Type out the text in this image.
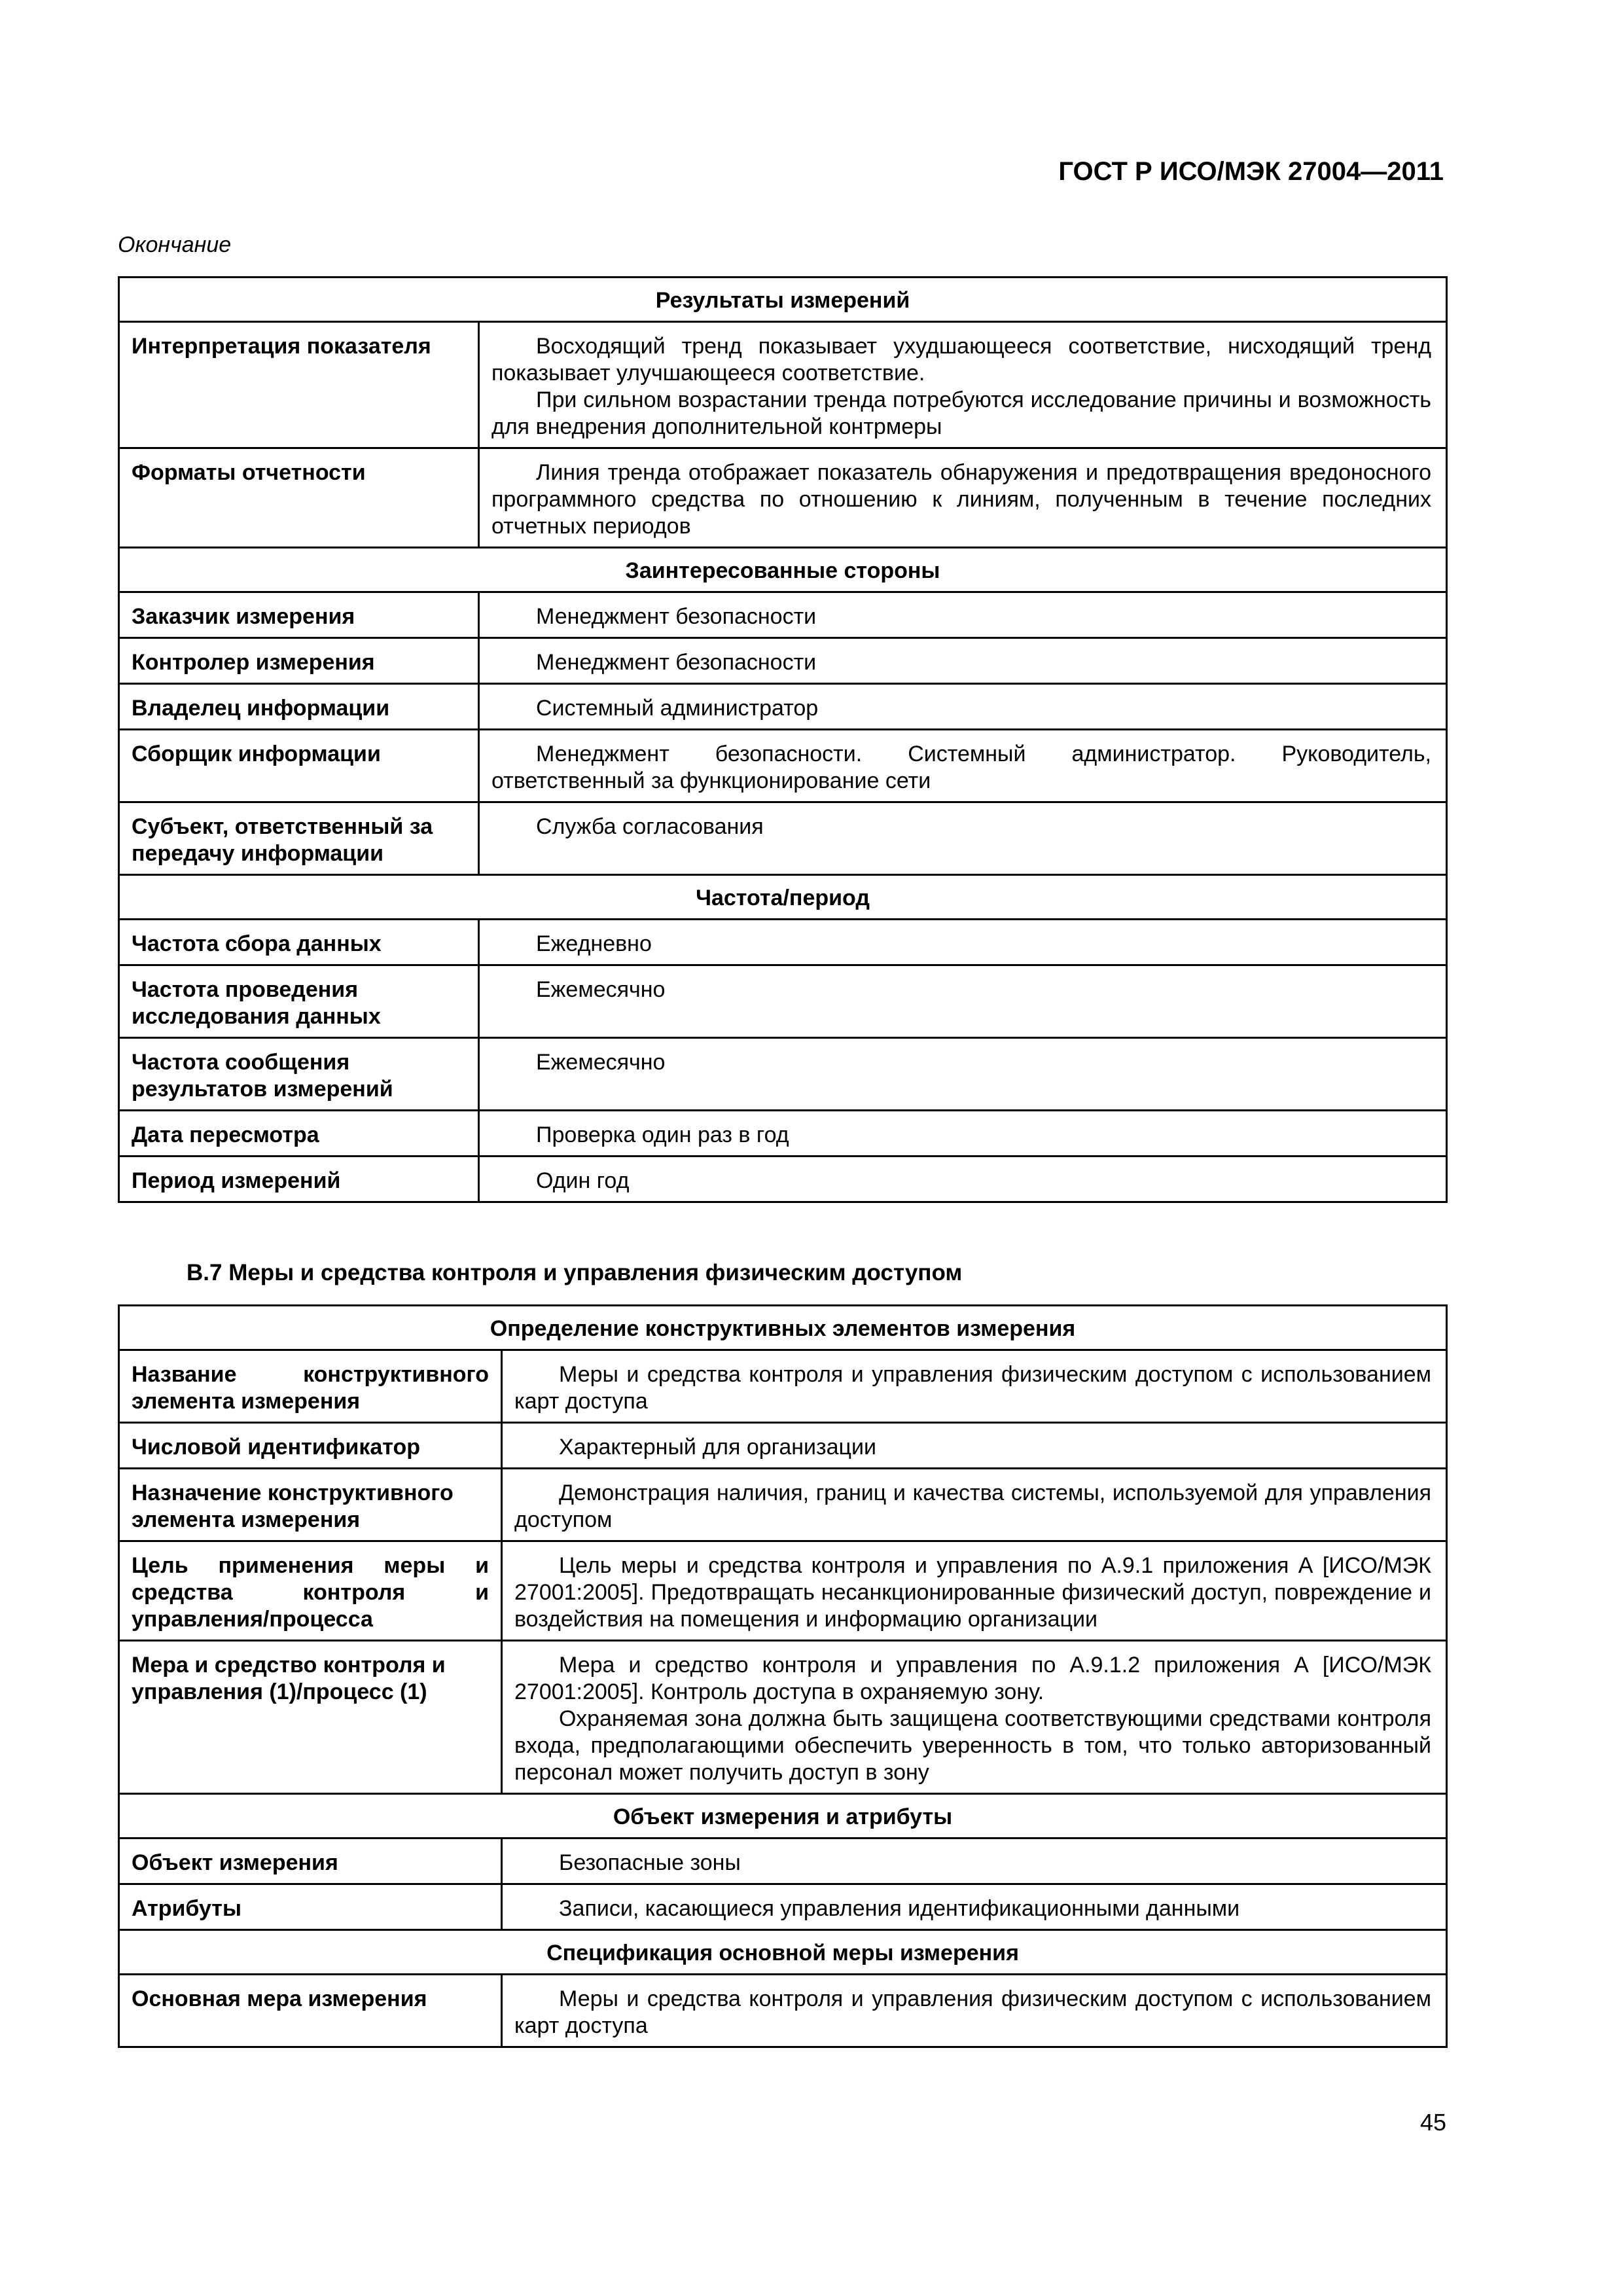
ГОСТ Р ИСО/МЭК 27004—2011
Окончание
Результаты измерений	
Интерпретация показателя	Восходящий тренд показывает ухудшающееся соответствие, нисходящий тренд показывает улучшающееся соответствие.

При сильном возрастании тренда потребуются исследование причины и возможность для внедрения дополнительной контрмеры

Форматы отчетности	Линия тренда отображает показатель обнаружения и предотвращения вредоносного программного средства по отношению к линиям, полученным в течение последних отчетных периодов

Заинтересованные стороны	
Заказчик измерения	Менеджмент безопасности

Контролер измерения	Менеджмент безопасности

Владелец информации	Системный администратор

Сборщик информации	Менеджмент безопасности. Системный администратор. Руководитель, ответственный за функционирование сети

Субъект, ответственный за передачу информации	Служба согласования

Частота/период	
Частота сбора данных	Ежедневно

Частота проведения исследования данных	Ежемесячно

Частота сообщения результатов измерений	Ежемесячно

Дата пересмотра	Проверка один раз в год

Период измерений	Один год

В.7 Меры и средства контроля и управления физическим доступом
Определение конструктивных элементов измерения	
Название конструктивного элемента измерения	Меры и средства контроля и управления физическим доступом с использованием карт доступа

Числовой идентификатор	Характерный для организации

Назначение конструктивного элемента измерения	Демонстрация наличия, границ и качества системы, используемой для управления доступом

Цель применения меры и средства контроля и управления/процесса	Цель меры и средства контроля и управления по А.9.1 приложения А [ИСО/МЭК 27001:2005]. Предотвращать несанкционированные физический доступ, повреждение и воздействия на помещения и информацию организации

Мера и средство контроля и управления (1)/процесс (1)	Мера и средство контроля и управления по А.9.1.2 приложения А [ИСО/МЭК 27001:2005]. Контроль доступа в охраняемую зону.

Охраняемая зона должна быть защищена соответствующими средствами контроля входа, предполагающими обеспечить уверенность в том, что только авторизованный персонал может получить доступ в зону

Объект измерения и атрибуты	
Объект измерения	Безопасные зоны

Атрибуты	Записи, касающиеся управления идентификационными данными

Спецификация основной меры измерения	
Основная мера измерения	Меры и средства контроля и управления физическим доступом с использованием карт доступа

45
